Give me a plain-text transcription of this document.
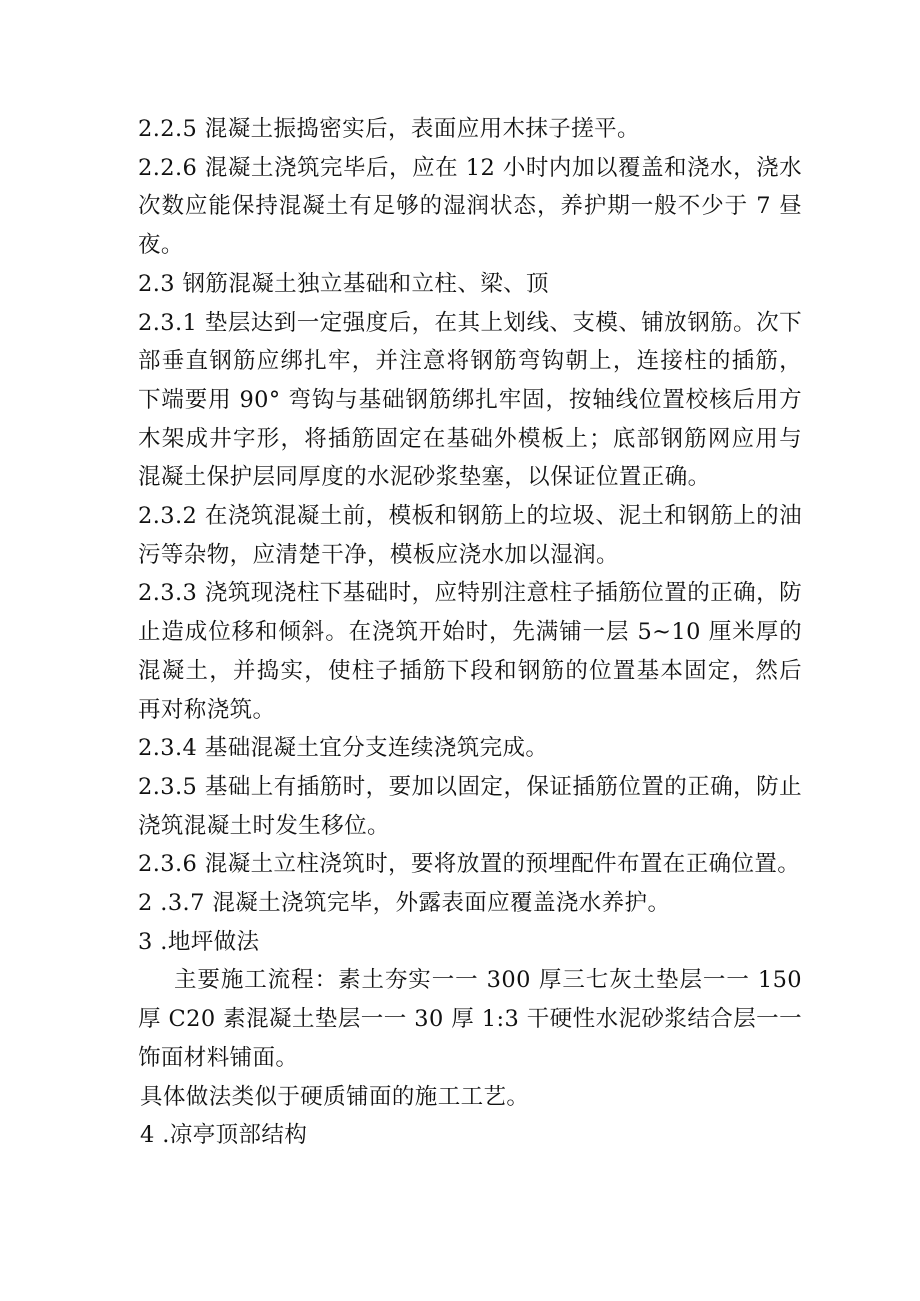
2.2.5 混凝土振捣密实后，表面应用木抹子搓平。

2.2.6 混凝土浇筑完毕后，应在 12 小时内加以覆盖和浇水，浇水次数应能保持混凝土有足够的湿润状态，养护期一般不少于 7 昼夜。

2.3 钢筋混凝土独立基础和立柱、梁、顶

2.3.1 垫层达到一定强度后，在其上划线、支模、铺放钢筋。次下部垂直钢筋应绑扎牢，并注意将钢筋弯钩朝上，连接柱的插筋，下端要用 90° 弯钩与基础钢筋绑扎牢固，按轴线位置校核后用方木架成井字形，将插筋固定在基础外模板上；底部钢筋网应用与混凝土保护层同厚度的水泥砂浆垫塞，以保证位置正确。

2.3.2 在浇筑混凝土前，模板和钢筋上的垃圾、泥土和钢筋上的油污等杂物，应清楚干净，模板应浇水加以湿润。

2.3.3 浇筑现浇柱下基础时，应特别注意柱子插筋位置的正确，防止造成位移和倾斜。在浇筑开始时，先满铺一层 5~10 厘米厚的混凝土，并捣实，使柱子插筋下段和钢筋的位置基本固定，然后再对称浇筑。

2.3.4 基础混凝土宜分支连续浇筑完成。

2.3.5 基础上有插筋时，要加以固定，保证插筋位置的正确，防止浇筑混凝土时发生移位。

2.3.6 混凝土立柱浇筑时，要将放置的预埋配件布置在正确位置。

2 .3.7 混凝土浇筑完毕，外露表面应覆盖浇水养护。

3 .地坪做法

主要施工流程：素土夯实一一 300 厚三七灰土垫层一一 150 厚 C20 素混凝土垫层一一 30 厚 1:3 干硬性水泥砂浆结合层一一饰面材料铺面。

具体做法类似于硬质铺面的施工工艺。

4 .凉亭顶部结构
